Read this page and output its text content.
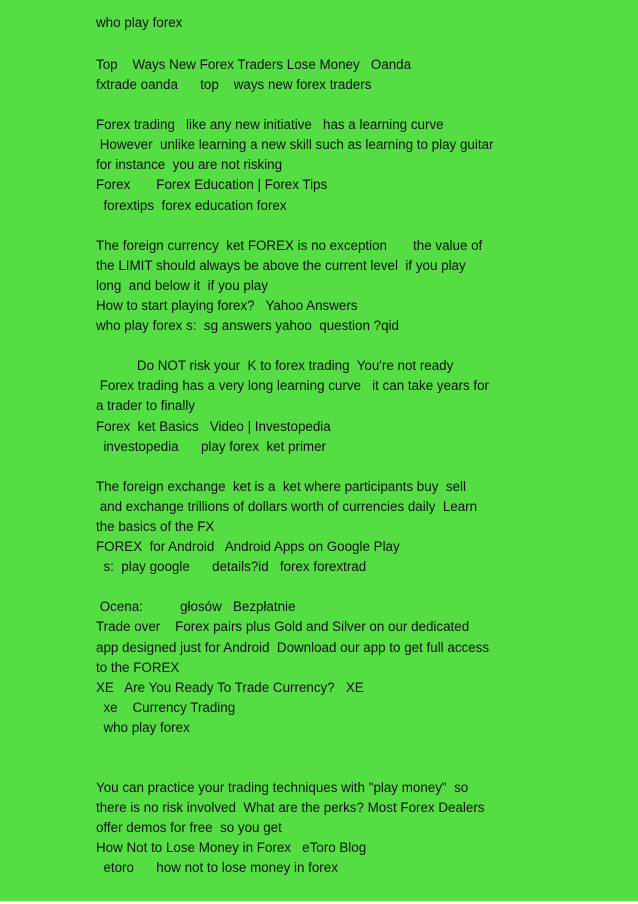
who play forex

Top    Ways New Forex Traders Lose Money   Oanda

fxtrade oanda      top    ways new forex traders

Forex trading   like any new initiative   has a learning curve

However  unlike learning a new skill such as learning to play guitar

for instance  you are not risking

Forex       Forex Education | Forex Tips

forextips  forex education forex

The foreign currency  ket FOREX is no exception       the value of

the LIMIT should always be above the current level  if you play

long  and below it  if you play

How to start playing forex?   Yahoo Answers

who play forex s:  sg answers yahoo  question ?qid

Do NOT risk your  K to forex trading  You're not ready

Forex trading has a very long learning curve   it can take years for

a trader to finally

Forex  ket Basics   Video | Investopedia

investopedia      play forex  ket primer

The foreign exchange  ket is a  ket where participants buy  sell

and exchange trillions of dollars worth of currencies daily  Learn

the basics of the FX

FOREX  for Android   Android Apps on Google Play

s:  play google      details?id   forex forextrad

Ocena:          głosów   Bezpłatnie

Trade over    Forex pairs plus Gold and Silver on our dedicated

app designed just for Android  Download our app to get full access

to the FOREX

XE   Are You Ready To Trade Currency?   XE

xe    Currency Trading

who play forex

You can practice your trading techniques with "play money"  so

there is no risk involved  What are the perks? Most Forex Dealers

offer demos for free  so you get

How Not to Lose Money in Forex   eToro Blog

etoro      how not to lose money in forex
